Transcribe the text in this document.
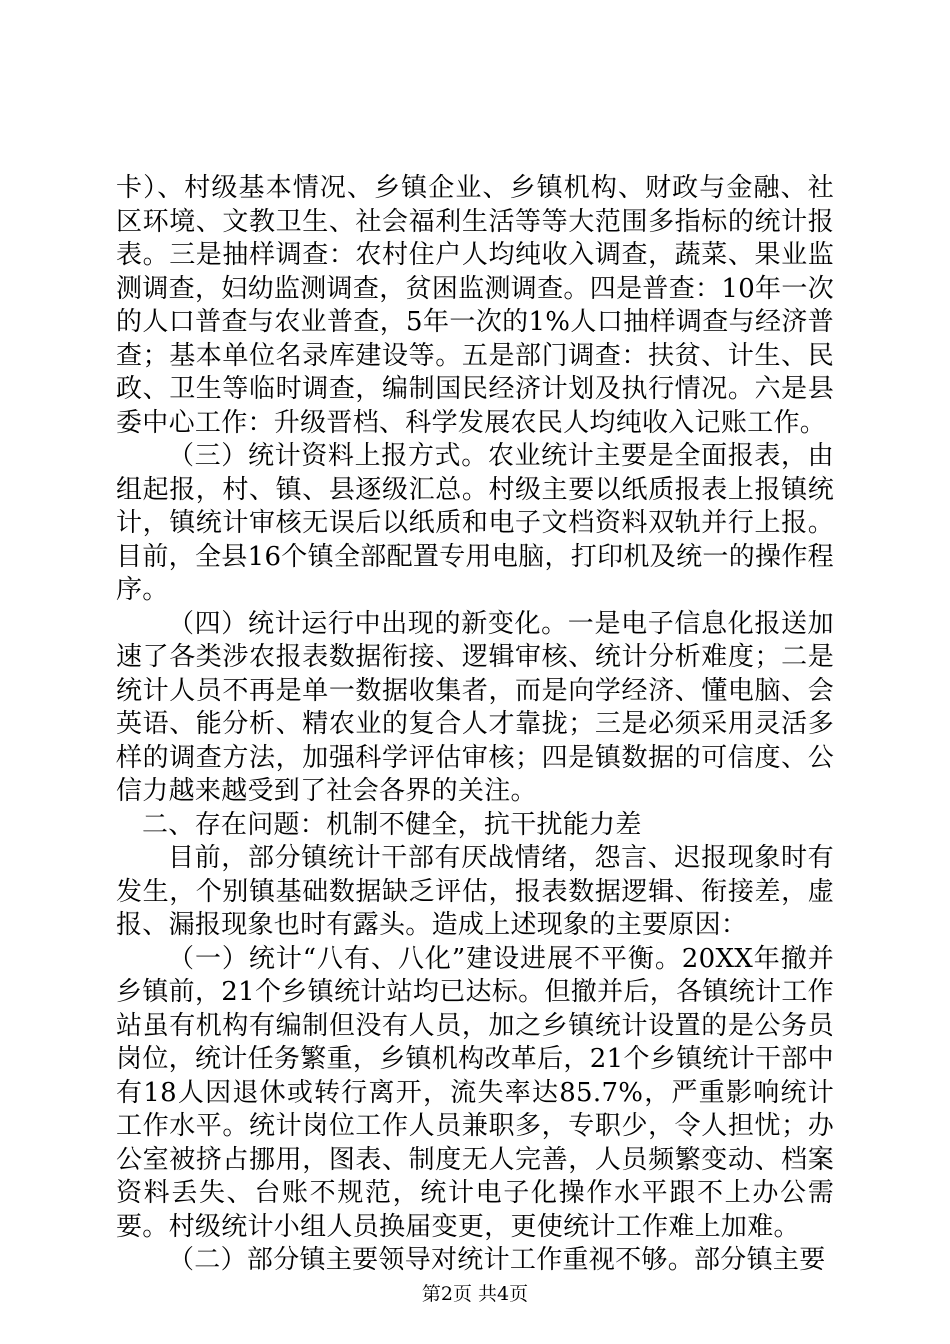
卡）、村级基本情况、乡镇企业、乡镇机构、财政与金融、社区环境、文教卫生、社会福利生活等等大范围多指标的统计报表。三是抽样调查：农村住户人均纯收入调查，蔬菜、果业监测调查，妇幼监测调查，贫困监测调查。四是普查：10年一次的人口普查与农业普查，5年一次的1%人口抽样调查与经济普查；基本单位名录库建设等。五是部门调查：扶贫、计生、民政、卫生等临时调查，编制国民经济计划及执行情况。六是县委中心工作：升级晋档、科学发展农民人均纯收入记账工作。

（三）统计资料上报方式。农业统计主要是全面报表，由组起报，村、镇、县逐级汇总。村级主要以纸质报表上报镇统计，镇统计审核无误后以纸质和电子文档资料双轨并行上报。目前，全县16个镇全部配置专用电脑，打印机及统一的操作程序。

（四）统计运行中出现的新变化。一是电子信息化报送加速了各类涉农报表数据衔接、逻辑审核、统计分析难度；二是统计人员不再是单一数据收集者，而是向学经济、懂电脑、会英语、能分析、精农业的复合人才靠拢；三是必须采用灵活多样的调查方法，加强科学评估审核；四是镇数据的可信度、公信力越来越受到了社会各界的关注。

二、存在问题：机制不健全，抗干扰能力差

目前，部分镇统计干部有厌战情绪，怨言、迟报现象时有发生，个别镇基础数据缺乏评估，报表数据逻辑、衔接差，虚报、漏报现象也时有露头。造成上述现象的主要原因：

（一）统计“八有、八化”建设进展不平衡。20XX年撤并乡镇前，21个乡镇统计站均已达标。但撤并后，各镇统计工作站虽有机构有编制但没有人员，加之乡镇统计设置的是公务员岗位，统计任务繁重，乡镇机构改革后，21个乡镇统计干部中有18人因退休或转行离开，流失率达85.7%，严重影响统计工作水平。统计岗位工作人员兼职多，专职少，令人担忧；办公室被挤占挪用，图表、制度无人完善，人员频繁变动、档案资料丢失、台账不规范，统计电子化操作水平跟不上办公需要。村级统计小组人员换届变更，更使统计工作难上加难。

（二）部分镇主要领导对统计工作重视不够。部分镇主要

第2页 共4页
